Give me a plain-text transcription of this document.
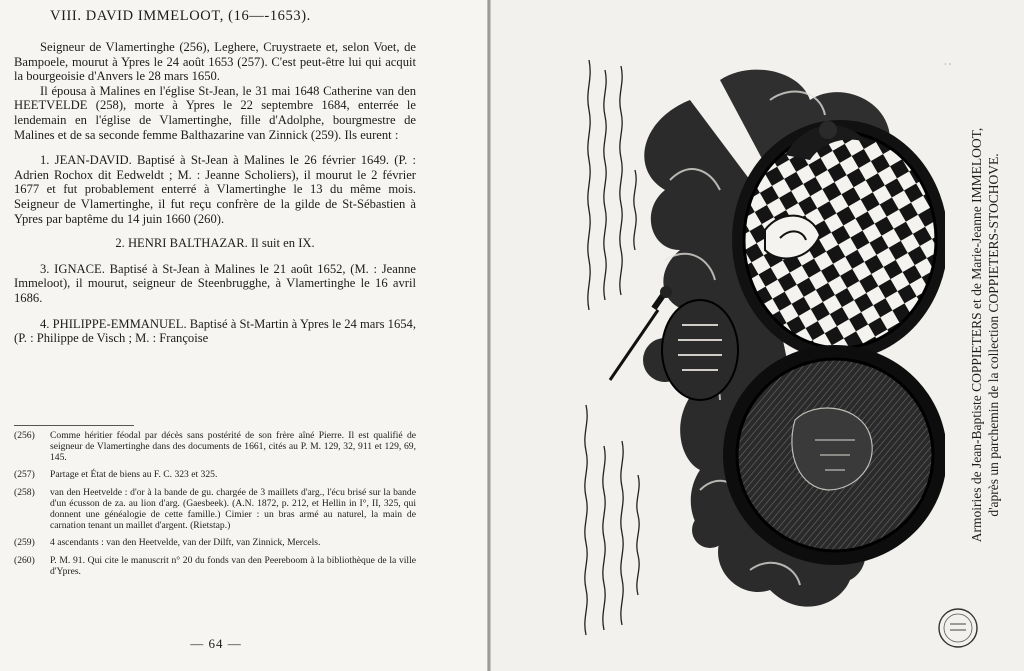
VIII. DAVID IMMELOOT, (16—-1653).

Seigneur de Vlamertinghe (256), Leghere, Cruystraete et, selon Voet, de Bampoele, mourut à Ypres le 24 août 1653 (257). C'est peut-être lui qui acquit la bourgeoisie d'Anvers le 28 mars 1650.

Il épousa à Malines en l'église St-Jean, le 31 mai 1648 Catherine van den HEETVELDE (258), morte à Ypres le 22 septembre 1684, enterrée le lendemain en l'église de Vlamertinghe, fille d'Adolphe, bourgmestre de Malines et de sa seconde femme Balthazarine van Zinnick (259). Ils eurent :

1. JEAN-DAVID. Baptisé à St-Jean à Malines le 26 février 1649. (P. : Adrien Rochox dit Eedweldt ; M. : Jeanne Scholiers), il mourut le 2 février 1677 et fut probablement enterré à Vlamertinghe le 13 du même mois. Seigneur de Vlamertinghe, il fut reçu confrère de la gilde de St-Sébastien à Ypres par baptême du 14 juin 1660 (260).

2. HENRI BALTHAZAR. Il suit en IX.

3. IGNACE. Baptisé à St-Jean à Malines le 21 août 1652, (M. : Jeanne Immeloot), il mourut, seigneur de Steenbrugghe, à Vlamertinghe le 16 avril 1686.

4. PHILIPPE-EMMANUEL. Baptisé à St-Martin à Ypres le 24 mars 1654, (P. : Philippe de Visch ; M. : Françoise

(256)	Comme héritier féodal par décès sans postérité de son frère aîné Pierre. Il est qualifié de seigneur de Vlamertinghe dans des documents de 1661, cités au P. M. 129, 32, 911 et 129, 69, 145.
(257)	Partage et État de biens au F. C. 323 et 325.
(258)	van den Heetvelde : d'or à la bande de gu. chargée de 3 maillets d'arg., l'écu brisé sur la bande d'un écusson de za. au lion d'arg. (Gaesbeek). (A.N. 1872, p. 212, et Hellin in I°, II, 325, qui donnent une généalogie de cette famille.) Cimier : un bras armé au naturel, la main de carnation tenant un maillet d'argent. (Rietstap.)
(259)	4 ascendants : van den Heetvelde, van der Dilft, van Zinnick, Mercels.
(260)	P. M. 91. Qui cite le manuscrit n° 20 du fonds van den Peereboom à la bibliothèque de la ville d'Ypres.
— 64 —
Armoiries de Jean-Baptiste COPPIETERS et de Marie-Jeanne IMMELOOT, d'après un parchemin de la collection COPPIETERS-STOCHOVE.
· ·
